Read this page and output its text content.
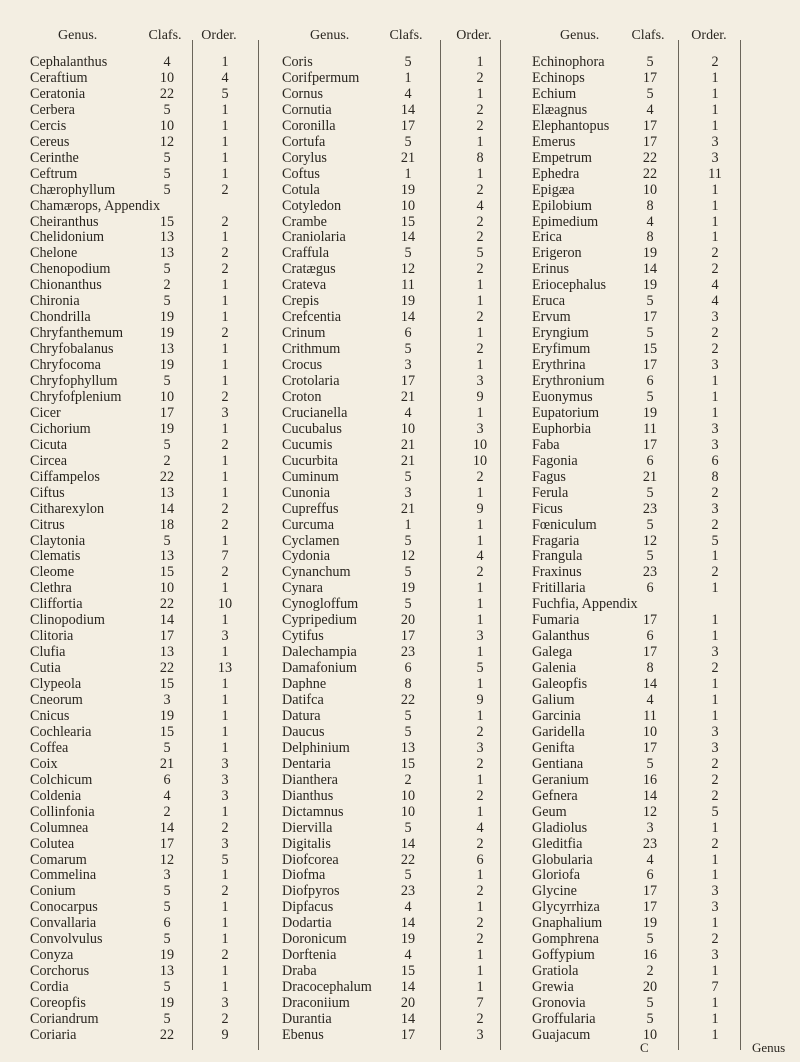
Genus.	Clafs.	Order.
Cephalanthus	4	1
Ceraftium	10	4
Ceratonia	22	5
Cerbera	5	1
Cercis	10	1
Cereus	12	1
Cerinthe	5	1
Ceftrum	5	1
Chærophyllum	5	2
Chamærops, Appendix
Cheiranthus	15	2
Chelidonium	13	1
Chelone	13	2
Chenopodium	5	2
Chionanthus	2	1
Chironia	5	1
Chondrilla	19	1
Chryfanthemum	19	2
Chryfobalanus	13	1
Chryfocoma	19	1
Chryfophyllum	5	1
Chryfofplenium	10	2
Cicer	17	3
Cichorium	19	1
Cicuta	5	2
Circea	2	1
Ciffampelos	22	1
Ciftus	13	1
Citharexylon	14	2
Citrus	18	2
Claytonia	5	1
Clematis	13	7
Cleome	15	2
Clethra	10	1
Cliffortia	22	10
Clinopodium	14	1
Clitoria	17	3
Clufia	13	1
Cutia	22	13
Clypeola	15	1
Cneorum	3	1
Cnicus	19	1
Cochlearia	15	1
Coffea	5	1
Coix	21	3
Colchicum	6	3
Coldenia	4	3
Collinfonia	2	1
Columnea	14	2
Colutea	17	3
Comarum	12	5
Commelina	3	1
Conium	5	2
Conocarpus	5	1
Convallaria	6	1
Convolvulus	5	1
Conyza	19	2
Corchorus	13	1
Cordia	5	1
Coreopfis	19	3
Coriandrum	5	2
Coriaria	22	9
Genus.	Clafs.	Order.
Coris	5	1
Corifpermum	1	2
Cornus	4	1
Cornutia	14	2
Coronilla	17	2
Cortufa	5	1
Corylus	21	8
Coftus	1	1
Cotula	19	2
Cotyledon	10	4
Crambe	15	2
Craniolaria	14	2
Craffula	5	5
Cratægus	12	2
Crateva	11	1
Crepis	19	1
Crefcentia	14	2
Crinum	6	1
Crithmum	5	2
Crocus	3	1
Crotolaria	17	3
Croton	21	9
Crucianella	4	1
Cucubalus	10	3
Cucumis	21	10
Cucurbita	21	10
Cuminum	5	2
Cunonia	3	1
Cupreffus	21	9
Curcuma	1	1
Cyclamen	5	1
Cydonia	12	4
Cynanchum	5	2
Cynara	19	1
Cynogloffum	5	1
Cypripedium	20	1
Cytifus	17	3
Dalechampia	23	1
Damafonium	6	5
Daphne	8	1
Datifca	22	9
Datura	5	1
Daucus	5	2
Delphinium	13	3
Dentaria	15	2
Dianthera	2	1
Dianthus	10	2
Dictamnus	10	1
Diervilla	5	4
Digitalis	14	2
Diofcorea	22	6
Diofma	5	1
Diofpyros	23	2
Dipfacus	4	1
Dodartia	14	2
Doronicum	19	2
Dorftenia	4	1
Draba	15	1
Dracocephalum	14	1
Draconiium	20	7
Durantia	14	2
Ebenus	17	3
Genus.	Clafs.	Order.
Echinophora	5	2
Echinops	17	1
Echium	5	1
Elæagnus	4	1
Elephantopus	17	1
Emerus	17	3
Empetrum	22	3
Ephedra	22	11
Epigæa	10	1
Epilobium	8	1
Epimedium	4	1
Erica	8	1
Erigeron	19	2
Erinus	14	2
Eriocephalus	19	4
Eruca	5	4
Ervum	17	3
Eryngium	5	2
Eryfimum	15	2
Erythrina	17	3
Erythronium	6	1
Euonymus	5	1
Eupatorium	19	1
Euphorbia	11	3
Faba	17	3
Fagonia	6	6
Fagus	21	8
Ferula	5	2
Ficus	23	3
Fœniculum	5	2
Fragaria	12	5
Frangula	5	1
Fraxinus	23	2
Fritillaria	6	1
Fuchfia, Appendix
Fumaria	17	1
Galanthus	6	1
Galega	17	3
Galenia	8	2
Galeopfis	14	1
Galium	4	1
Garcinia	11	1
Garidella	10	3
Genifta	17	3
Gentiana	5	2
Geranium	16	2
Gefnera	14	2
Geum	12	5
Gladiolus	3	1
Gleditfia	23	2
Globularia	4	1
Gloriofa	6	1
Glycine	17	3
Glycyrrhiza	17	3
Gnaphalium	19	1
Gomphrena	5	2
Goffypium	16	3
Gratiola	2	1
Grewia	20	7
Gronovia	5	1
Groffularia	5	1
Guajacum	10	1
C	Genus
